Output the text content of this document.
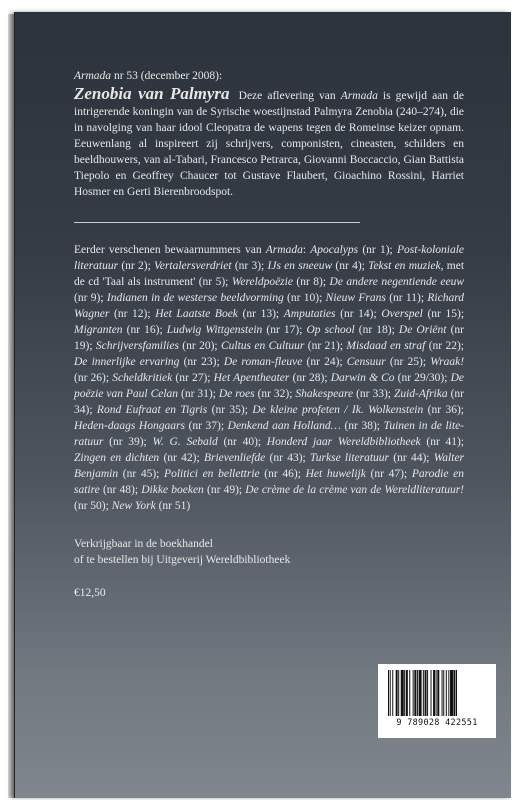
Armada nr 53 (december 2008):

Zenobia van Palmyra Deze aflevering van Armada is gewijd aan de intrigerende koningin van de Syrische woestijnstad Palmyra Zenobia (240–274), die in navolging van haar idool Cleopatra de wapens tegen de Romeinse keizer opnam. Eeuwenlang al inspireert zij schrijvers, componisten, cineasten, schilders en beeldhouwers, van al-Tabari, Francesco Petrarca, Giovanni Boccaccio, Gian Battista Tiepolo en Geoffrey Chaucer tot Gustave Flaubert, Gioachino Rossini, Harriet Hosmer en Gerti Bierenbroodspot.

Eerder verschenen bewaarnummers van Armada: Apocalyps (nr 1); Post-koloniale literatuur (nr 2); Vertalersverdriet (nr 3); IJs en sneeuw (nr 4); Tekst en muziek, met de cd 'Taal als instrument' (nr 5); Wereldpoëzie (nr 8); De andere negentiende eeuw (nr 9); Indianen in de westerse beeldvorming (nr 10); Nieuw Frans (nr 11); Richard Wagner (nr 12); Het Laatste Boek (nr 13); Amputaties (nr 14); Overspel (nr 15); Migranten (nr 16); Ludwig Wittgenstein (nr 17); Op school (nr 18); De Oriënt (nr 19); Schrijversfamilies (nr 20); Cultus en Cultuur (nr 21); Misdaad en straf (nr 22); De innerlijke ervaring (nr 23); De roman-fleuve (nr 24); Censuur (nr 25); Wraak! (nr 26); Scheldkritiek (nr 27); Het Apentheater (nr 28); Darwin & Co (nr 29/30); De poëzie van Paul Celan (nr 31); De roes (nr 32); Shakespeare (nr 33); Zuid-Afrika (nr 34); Rond Eufraat en Tigris (nr 35); De kleine profeten / Ik. Wolkenstein (nr 36); Heden-daags Hongaars (nr 37); Denkend aan Holland… (nr 38); Tuinen in de lite-ratuur (nr 39); W. G. Sebald (nr 40); Honderd jaar Wereldbibliotheek (nr 41); Zingen en dichten (nr 42); Brievenliefde (nr 43); Turkse literatuur (nr 44); Walter Benjamin (nr 45); Politici en bellettrie (nr 46); Het huwelijk (nr 47); Parodie en satire (nr 48); Dikke boeken (nr 49); De crème de la crème van de Wereldliteratuur! (nr 50); New York (nr 51)

Verkrijgbaar in de boekhandel
of te bestellen bij Uitgeverij Wereldbibliotheek

€12,50

9 789028 422551
